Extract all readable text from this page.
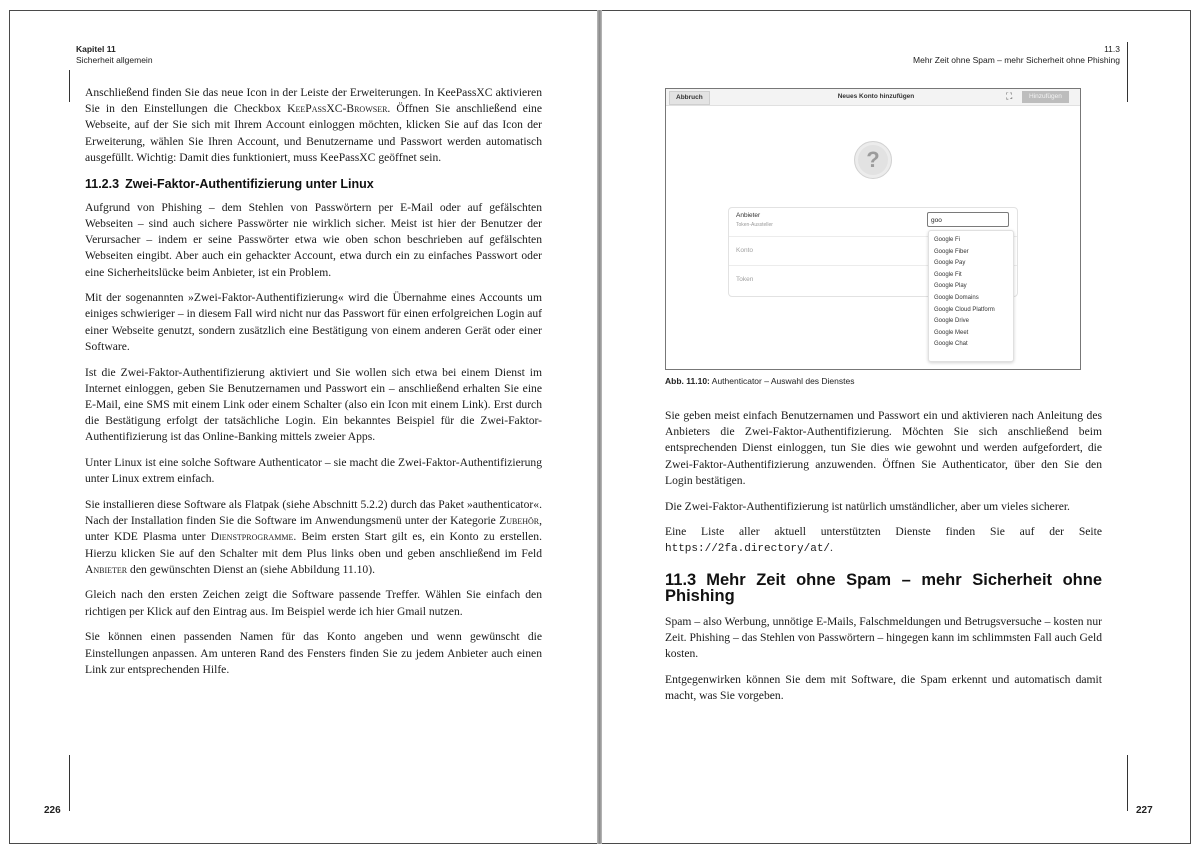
Kapitel 11
Sicherheit allgemein
226

Anschließend finden Sie das neue Icon in der Leiste der Erweiterungen. In KeePassXC aktivieren Sie in den Einstellungen die Checkbox KeePassXC-Browser. Öffnen Sie anschließend eine Webseite, auf der Sie sich mit Ihrem Account einloggen möchten, klicken Sie auf das Icon der Erweiterung, wählen Sie Ihren Account, und Benutzername und Passwort werden automatisch ausgefüllt. Wichtig: Damit dies funktioniert, muss KeePassXC geöffnet sein.

11.2.3 Zwei-Faktor-Authentifizierung unter Linux

Aufgrund von Phishing – dem Stehlen von Passwörtern per E-Mail oder auf gefälschten Webseiten – sind auch sichere Passwörter nie wirklich sicher. Meist ist hier der Benutzer der Verursacher – indem er seine Passwörter etwa wie oben schon beschrieben auf gefälschten Webseiten eingibt. Aber auch ein gehackter Account, etwa durch ein zu einfaches Passwort oder eine Sicherheitslücke beim Anbieter, ist ein Problem.

Mit der sogenannten »Zwei-Faktor-Authentifizierung« wird die Übernahme eines Accounts um einiges schwieriger – in diesem Fall wird nicht nur das Passwort für einen erfolgreichen Login auf einer Webseite genutzt, sondern zusätzlich eine Bestätigung von einem anderen Gerät oder einer Software.

Ist die Zwei-Faktor-Authentifizierung aktiviert und Sie wollen sich etwa bei einem Dienst im Internet einloggen, geben Sie Benutzernamen und Passwort ein – anschließend erhalten Sie eine E-Mail, eine SMS mit einem Link oder einem Schalter (also ein Icon mit einem Link). Erst durch die Bestätigung erfolgt der tatsächliche Login. Ein bekanntes Beispiel für die Zwei-Faktor-Authentifizierung ist das Online-Banking mittels zweier Apps.

Unter Linux ist eine solche Software Authenticator – sie macht die Zwei-Faktor-Authentifizierung unter Linux extrem einfach.

Sie installieren diese Software als Flatpak (siehe Abschnitt 5.2.2) durch das Paket »authenticator«. Nach der Installation finden Sie die Software im Anwendungsmenü unter der Kategorie Zubehör, unter KDE Plasma unter Dienstprogramme. Beim ersten Start gilt es, ein Konto zu erstellen. Hierzu klicken Sie auf den Schalter mit dem Plus links oben und geben anschließend im Feld Anbieter den gewünschten Dienst an (siehe Abbildung 11.10).

Gleich nach den ersten Zeichen zeigt die Software passende Treffer. Wählen Sie einfach den richtigen per Klick auf den Eintrag aus. Im Beispiel werde ich hier Gmail nutzen.

Sie können einen passenden Namen für das Konto angeben und wenn gewünscht die Einstellungen anpassen. Am unteren Rand des Fensters finden Sie zu jedem Anbieter auch einen Link zur entsprechenden Hilfe.

11.3
Mehr Zeit ohne Spam – mehr Sicherheit ohne Phishing
227
Abbruch	Neues Konto hinzufügen	⛶	Hinzufügen
?
Anbieter
Token-Aussteller
goo
Konto
Token
Google Fi
Google Fiber
Google Pay
Google Fit
Google Play
Google Domains
Google Cloud Platform
Google Drive
Google Meet
Google Chat
Abb. 11.10: Authenticator – Auswahl des Dienstes

Sie geben meist einfach Benutzernamen und Passwort ein und aktivieren nach Anleitung des Anbieters die Zwei-Faktor-Authentifizierung. Möchten Sie sich anschließend beim entsprechenden Dienst einloggen, tun Sie dies wie gewohnt und werden aufgefordert, die Zwei-Faktor-Authentifizierung anzuwenden. Öffnen Sie Authenticator, über den Sie den Login bestätigen.

Die Zwei-Faktor-Authentifizierung ist natürlich umständlicher, aber um vieles sicherer.

Eine Liste aller aktuell unterstützten Dienste finden Sie auf der Seite https://2fa.directory/at/.

11.3 Mehr Zeit ohne Spam – mehr Sicherheit ohne Phishing

Spam – also Werbung, unnötige E-Mails, Falschmeldungen und Betrugsversuche – kosten nur Zeit. Phishing – das Stehlen von Passwörtern – hingegen kann im schlimmsten Fall auch Geld kosten.

Entgegenwirken können Sie dem mit Software, die Spam erkennt und automatisch damit macht, was Sie vorgeben.
